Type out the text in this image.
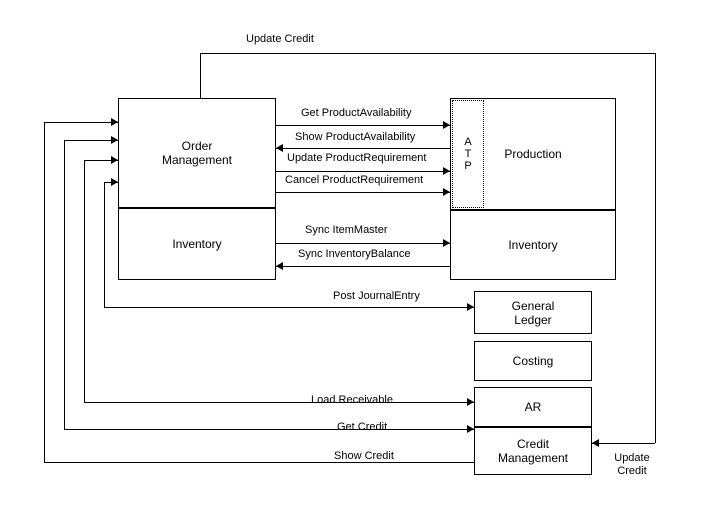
Order
Management
Inventory
Production
A
T
P
Inventory
General
Ledger
Costing
AR
Credit
Management
Update Credit
Update
Credit
Get ProductAvailability
Show ProductAvailability
Update ProductRequirement
Cancel ProductRequirement
Sync ItemMaster
Sync InventoryBalance
Post JournalEntry
Load Receivable
Get Credit
Show Credit
